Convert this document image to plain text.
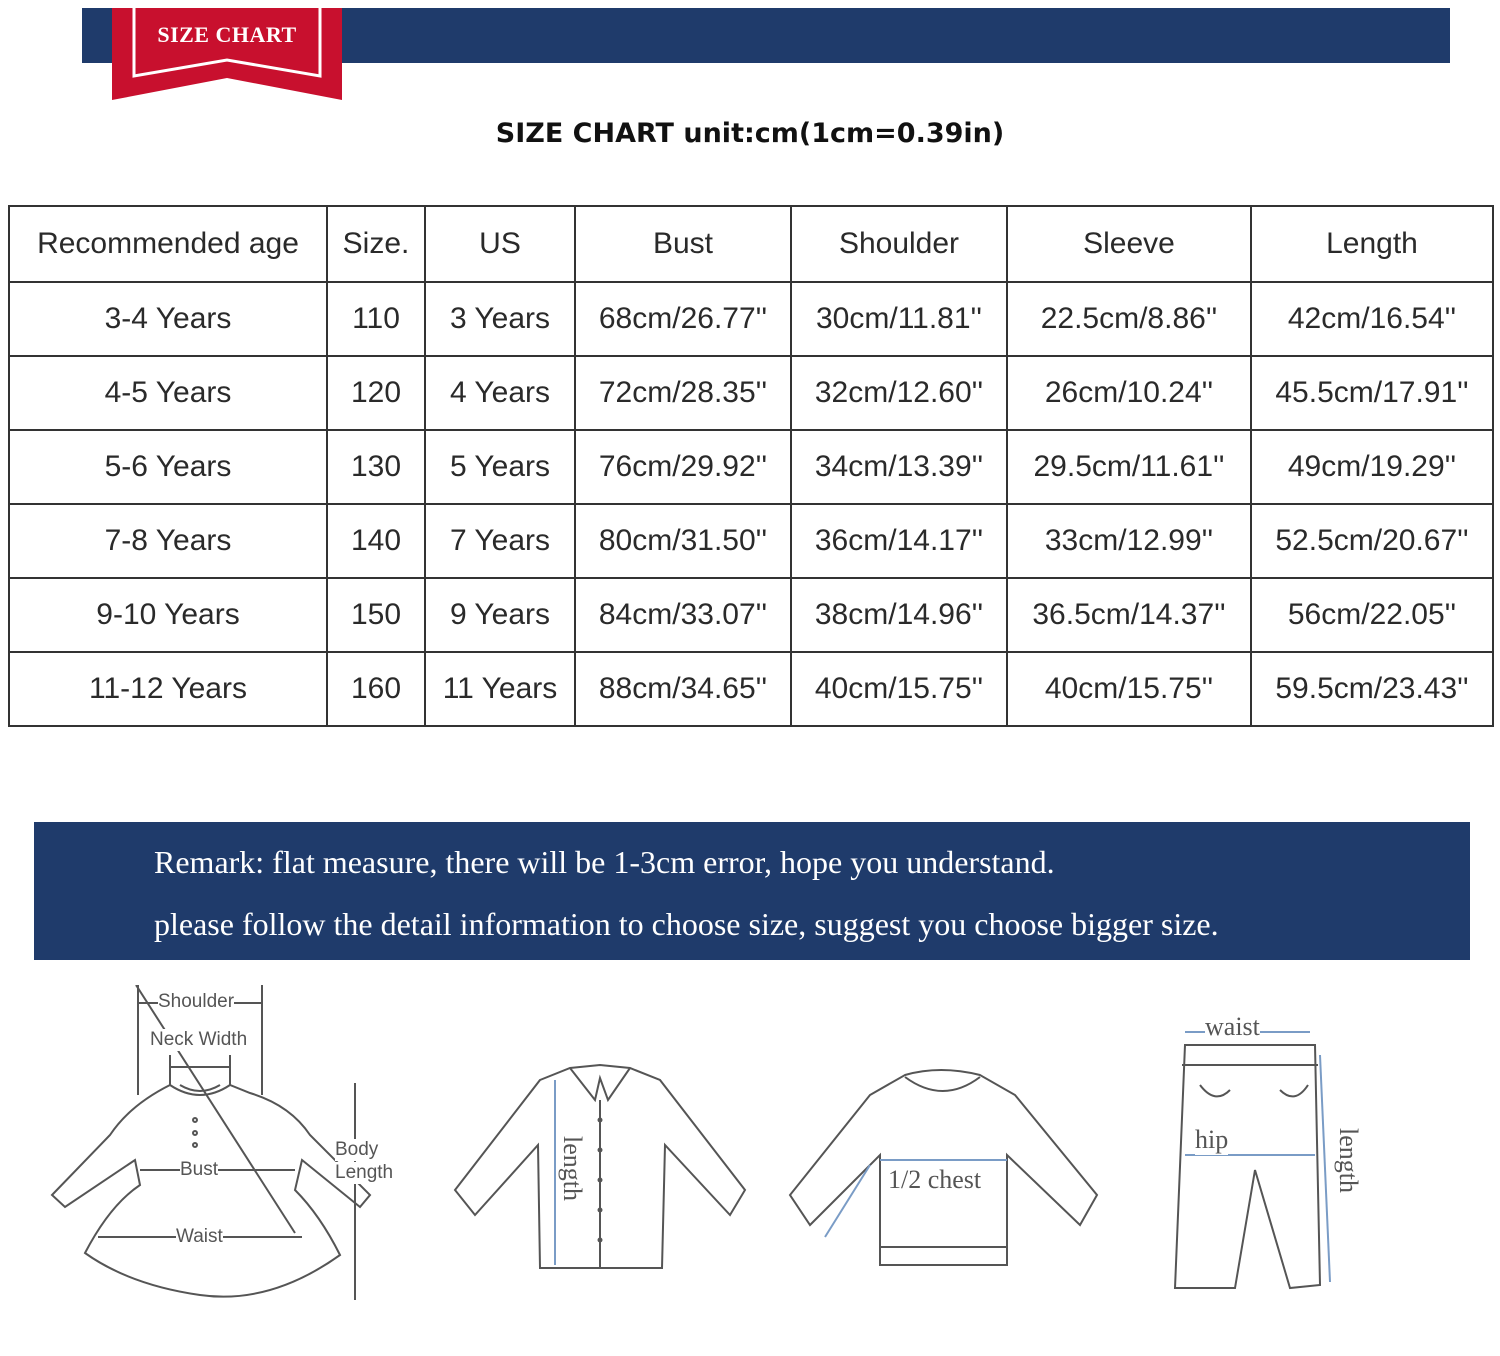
SIZE CHART
SIZE CHART unit:cm(1cm=0.39in)
Recommended age	Size.	US	Bust	Shoulder	Sleeve	Length
3-4 Years	110	3 Years	68cm/26.77''	30cm/11.81''	22.5cm/8.86''	42cm/16.54''
4-5 Years	120	4 Years	72cm/28.35''	32cm/12.60''	26cm/10.24''	45.5cm/17.91''
5-6 Years	130	5 Years	76cm/29.92''	34cm/13.39''	29.5cm/11.61''	49cm/19.29''
7-8 Years	140	7 Years	80cm/31.50''	36cm/14.17''	33cm/12.99''	52.5cm/20.67''
9-10 Years	150	9 Years	84cm/33.07''	38cm/14.96''	36.5cm/14.37''	56cm/22.05''
11-12 Years	160	11 Years	88cm/34.65''	40cm/15.75''	40cm/15.75''	59.5cm/23.43''
Remark: flat measure, there will be 1-3cm error, hope you understand.
please follow the detail information to choose size, suggest you choose bigger size.
Shoulder
Neck Width
Body
Length
Bust
Waist
length	1/2 chest
waist
hip	length
